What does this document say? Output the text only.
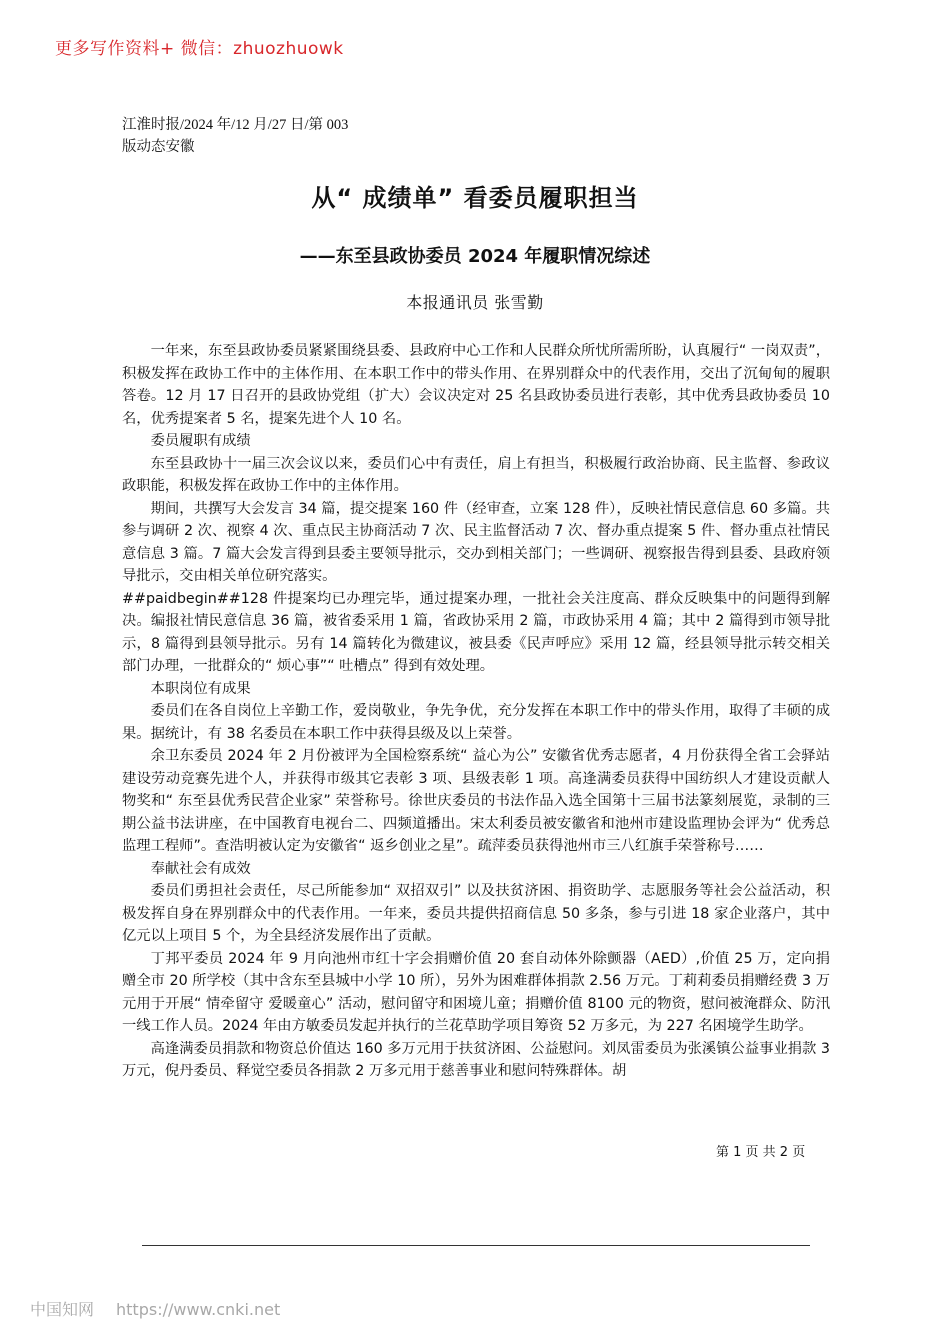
更多写作资料+ 微信：zhuozhuowk
江淮时报/2024 年/12 月/27 日/第 003
版动态安徽
从“ 成绩单” 看委员履职担当
——东至县政协委员 2024 年履职情况综述
本报通讯员 张雪勤

一年来，东至县政协委员紧紧围绕县委、县政府中心工作和人民群众所忧所需所盼，认真履行“ 一岗双责”，积极发挥在政协工作中的主体作用、在本职工作中的带头作用、在界别群众中的代表作用，交出了沉甸甸的履职答卷。12 月 17 日召开的县政协党组（扩大）会议决定对 25 名县政协委员进行表彰，其中优秀县政协委员 10 名，优秀提案者 5 名，提案先进个人 10 名。

委员履职有成绩

东至县政协十一届三次会议以来，委员们心中有责任，肩上有担当，积极履行政治协商、民主监督、参政议政职能，积极发挥在政协工作中的主体作用。

期间，共撰写大会发言 34 篇，提交提案 160 件（经审查，立案 128 件），反映社情民意信息 60 多篇。共参与调研 2 次、视察 4 次、重点民主协商活动 7 次、民主监督活动 7 次、督办重点提案 5 件、督办重点社情民意信息 3 篇。7 篇大会发言得到县委主要领导批示，交办到相关部门；一些调研、视察报告得到县委、县政府领导批示，交由相关单位研究落实。

##paidbegin##128 件提案均已办理完毕，通过提案办理，一批社会关注度高、群众反映集中的问题得到解决。编报社情民意信息 36 篇，被省委采用 1 篇，省政协采用 2 篇，市政协采用 4 篇；其中 2 篇得到市领导批示，8 篇得到县领导批示。另有 14 篇转化为微建议，被县委《民声呼应》采用 12 篇，经县领导批示转交相关部门办理，一批群众的“ 烦心事”“ 吐槽点” 得到有效处理。

本职岗位有成果

委员们在各自岗位上辛勤工作，爱岗敬业，争先争优，充分发挥在本职工作中的带头作用，取得了丰硕的成果。据统计，有 38 名委员在本职工作中获得县级及以上荣誉。

余卫东委员 2024 年 2 月份被评为全国检察系统“ 益心为公” 安徽省优秀志愿者，4 月份获得全省工会驿站建设劳动竞赛先进个人，并获得市级其它表彰 3 项、县级表彰 1 项。高逢满委员获得中国纺织人才建设贡献人物奖和“ 东至县优秀民营企业家” 荣誉称号。徐世庆委员的书法作品入选全国第十三届书法篆刻展览，录制的三期公益书法讲座，在中国教育电视台二、四频道播出。宋太利委员被安徽省和池州市建设监理协会评为“ 优秀总监理工程师”。查浩明被认定为安徽省“ 返乡创业之星”。疏萍委员获得池州市三八红旗手荣誉称号……

奉献社会有成效

委员们勇担社会责任，尽己所能参加“ 双招双引” 以及扶贫济困、捐资助学、志愿服务等社会公益活动，积极发挥自身在界别群众中的代表作用。一年来，委员共提供招商信息 50 多条，参与引进 18 家企业落户，其中亿元以上项目 5 个，为全县经济发展作出了贡献。

丁邦平委员 2024 年 9 月向池州市红十字会捐赠价值 20 套自动体外除颤器（AED）,价值 25 万，定向捐赠全市 20 所学校（其中含东至县城中小学 10 所），另外为困难群体捐款 2.56 万元。丁莉莉委员捐赠经费 3 万元用于开展“ 情牵留守 爱暖童心” 活动，慰问留守和困境儿童；捐赠价值 8100 元的物资，慰问被淹群众、防汛一线工作人员。2024 年由方敏委员发起并执行的兰花草助学项目筹资 52 万多元，为 227 名困境学生助学。

高逢满委员捐款和物资总价值达 160 多万元用于扶贫济困、公益慰问。刘凤雷委员为张溪镇公益事业捐款 3 万元，倪丹委员、释觉空委员各捐款 2 万多元用于慈善事业和慰问特殊群体。胡

第 1 页 共 2 页
中国知网 https://www.cnki.net
